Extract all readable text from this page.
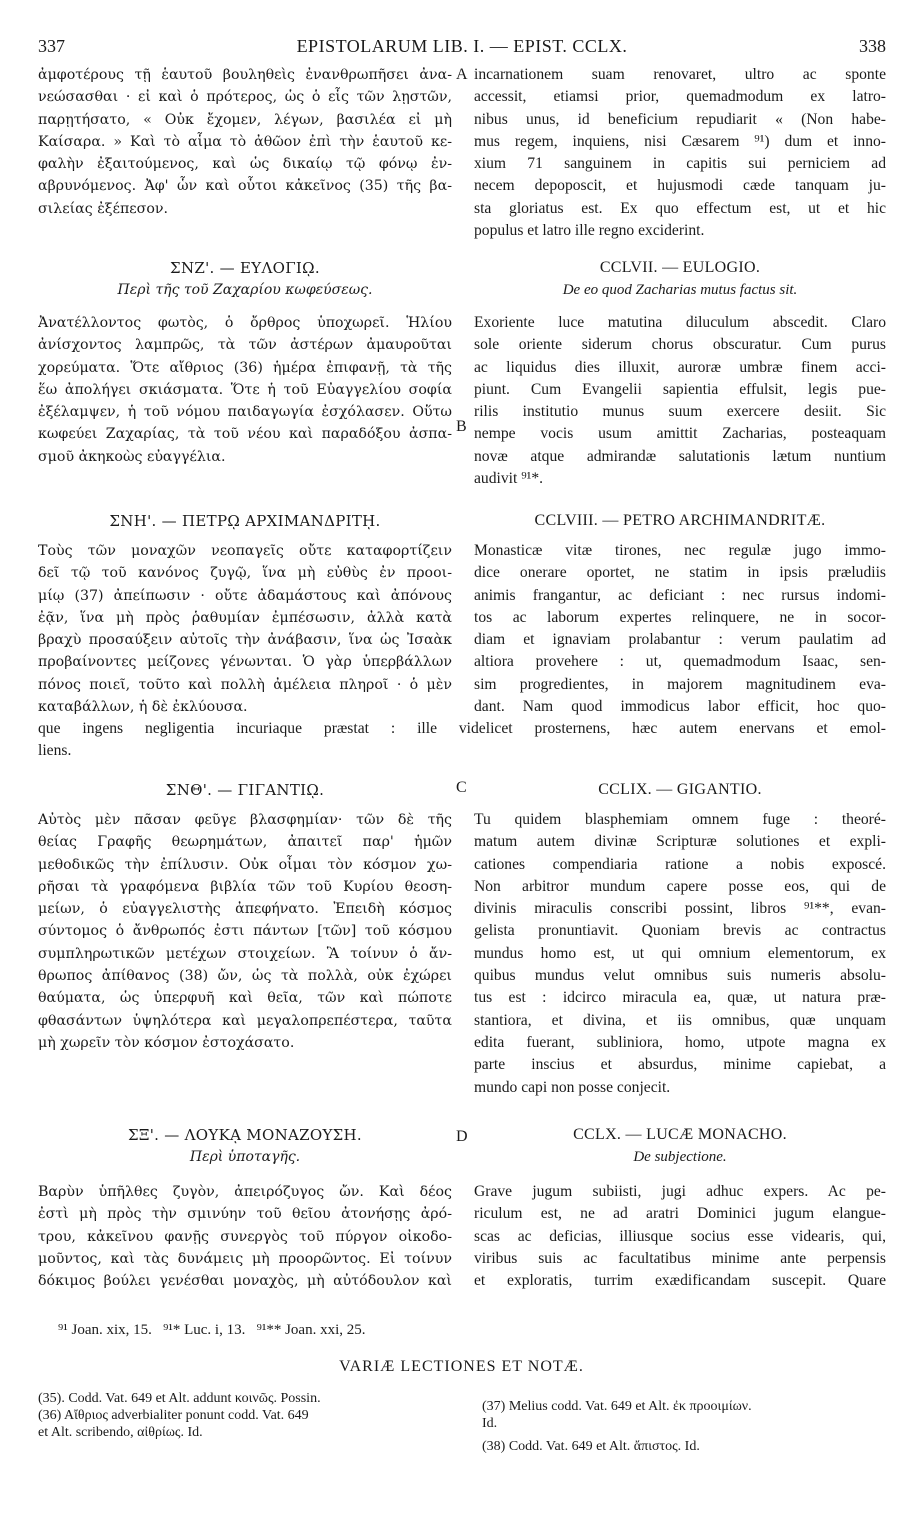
337	EPISTOLARUM LIB. I. — EPIST. CCLX.	338
A
B
C
D
ἀμφοτέρους τῇ ἑαυτοῦ βουληθεὶς ἐνανθρωπῆσει ἀνα-
νεώσασθαι · εἰ καὶ ὁ πρότερος, ὡς ὁ εἷς τῶν λῃστῶν,
παρῃτήσατο, « Οὐκ ἔχομεν, λέγων, βασιλέα εἰ μὴ
Καίσαρα. » Καὶ τὸ αἷμα τὸ ἀθῶον ἐπὶ τὴν ἑαυτοῦ κε-
φαλὴν ἐξαιτούμενος, καὶ ὡς δικαίῳ τῷ φόνῳ ἐν-
αβρυνόμενος. Ἀφ' ὧν καὶ οὗτοι κἀκεῖνος (35) τῆς βα-
σιλείας ἐξέπεσον.
incarnationem suam renovaret, ultro ac sponte
accessit, etiamsi prior, quemadmodum ex latro-
nibus unus, id beneficium repudiarit « (Non habe-
mus regem, inquiens, nisi Cæsarem ⁹¹) dum et inno-
xium 71 sanguinem in capitis sui perniciem ad
necem depoposcit, et hujusmodi cæde tanquam ju-
sta gloriatus est. Ex quo effectum est, ut et hic
populus et latro ille regno exciderint.
ΣΝΖ'. — ΕΥΛΟΓΙῼ.
Περὶ τῆς τοῦ Ζαχαρίου κωφεύσεως.
CCLVII. — EULOGIO.
De eo quod Zacharias mutus factus sit.
Ἀνατέλλοντος φωτὸς, ὁ ὄρθρος ὑποχωρεῖ. Ἡλίου
ἀνίσχοντος λαμπρῶς, τὰ τῶν ἀστέρων ἀμαυροῦται
χορεύματα. Ὅτε αἴθριος (36) ἡμέρα ἐπιφανῇ, τὰ τῆς
ἕω ἀπολήγει σκιάσματα. Ὅτε ἡ τοῦ Εὐαγγελίου σοφία
ἐξέλαμψεν, ἡ τοῦ νόμου παιδαγωγία ἐσχόλασεν. Οὕτω
κωφεύει Ζαχαρίας, τὰ τοῦ νέου καὶ παραδόξου ἀσπα-
σμοῦ ἀκηκοὼς εὐαγγέλια.
Exoriente luce matutina diluculum abscedit. Claro
sole oriente siderum chorus obscuratur. Cum purus
ac liquidus dies illuxit, auroræ umbræ finem acci-
piunt. Cum Evangelii sapientia effulsit, legis pue-
rilis institutio munus suum exercere desiit. Sic
nempe vocis usum amittit Zacharias, posteaquam
novæ atque admirandæ salutationis lætum nuntium
audivit ⁹¹*.
ΣΝΗ'. — ΠΕΤΡῼ ΑΡΧΙΜΑΝΔΡΙΤῌ.	CCLVIII. — PETRO ARCHIMANDRITÆ.
Τοὺς τῶν μοναχῶν νεοπαγεῖς οὔτε καταφορτίζειν
δεῖ τῷ τοῦ κανόνος ζυγῷ, ἵνα μὴ εὐθὺς ἐν προοι-
μίῳ (37) ἀπείπωσιν · οὔτε ἀδαμάστους καὶ ἀπόνους
ἐᾷν, ἵνα μὴ πρὸς ῥαθυμίαν ἐμπέσωσιν, ἀλλὰ κατὰ
βραχὺ προσαύξειν αὐτοῖς τὴν ἀνάβασιν, ἵνα ὡς Ἰσαὰκ
προβαίνοντες μείζονες γένωνται. Ὁ γὰρ ὑπερβάλλων
πόνος ποιεῖ, τοῦτο καὶ πολλὴ ἀμέλεια πληροῖ · ὁ μὲν
καταβάλλων, ἡ δὲ ἐκλύουσα.
Monasticæ vitæ tirones, nec regulæ jugo immo-
dice onerare oportet, ne statim in ipsis præludiis
animis frangantur, ac deficiant : nec rursus indomi-
tos ac laborum expertes relinquere, ne in socor-
diam et ignaviam prolabantur : verum paulatim ad
altiora provehere : ut, quemadmodum Isaac, sen-
sim progredientes, in majorem magnitudinem eva-
dant. Nam quod immodicus labor efficit, hoc quo-
que ingens negligentia incuriaque præstat : ille videlicet prosternens, hæc autem enervans et emol-
liens.
ΣΝΘ'. — ΓΙΓΑΝΤΙῼ.	CCLIX. — GIGANTIO.
Αὐτὸς μὲν πᾶσαν φεῦγε βλασφημίαν· τῶν δὲ τῆς
θείας Γραφῆς θεωρημάτων, ἀπαιτεῖ παρ' ἡμῶν
μεθοδικῶς τὴν ἐπίλυσιν. Οὐκ οἶμαι τὸν κόσμον χω-
ρῆσαι τὰ γραφόμενα βιβλία τῶν τοῦ Κυρίου θεοση-
μείων, ὁ εὐαγγελιστὴς ἀπεφήνατο. Ἐπειδὴ κόσμος
σύντομος ὁ ἄνθρωπός ἐστι πάντων [τῶν] τοῦ κόσμου
συμπληρωτικῶν μετέχων στοιχείων. Ἃ τοίνυν ὁ ἄν-
θρωπος ἀπίθανος (38) ὤν, ὡς τὰ πολλὰ, οὐκ ἐχώρει
θαύματα, ὡς ὑπερφυῆ καὶ θεῖα, τῶν καὶ πώποτε
φθασάντων ὑψηλότερα καὶ μεγαλοπρεπέστερα, ταῦτα
μὴ χωρεῖν τὸν κόσμον ἐστοχάσατο.
Tu quidem blasphemiam omnem fuge : theoré-
matum autem divinæ Scripturæ solutiones et expli-
cationes compendiaria ratione a nobis exposcé.
Non arbitror mundum capere posse eos, qui de
divinis miraculis conscribi possint, libros ⁹¹**, evan-
gelista pronuntiavit. Quoniam brevis ac contractus
mundus homo est, ut qui omnium elementorum, ex
quibus mundus velut omnibus suis numeris absolu-
tus est : idcirco miracula ea, quæ, ut natura præ-
stantiora, et divina, et iis omnibus, quæ unquam
edita fuerant, subliniora, homo, utpote magna ex
parte inscius et absurdus, minime capiebat, a
mundo capi non posse conjecit.
ΣΞ'. — ΛΟΥΚᾼ ΜΟΝΑΖΟΥΣΗ.
Περὶ ὑποταγῆς.
CCLX. — LUCÆ MONACHO.
De subjectione.
Βαρὺν ὑπῆλθες ζυγὸν, ἀπειρόζυγος ὤν. Καὶ δέος
ἐστὶ μὴ πρὸς τὴν σμινύην τοῦ θεῖου ἀτονήσῃς ἀρό-
τρου, κἀκεῖνου φανῇς συνεργὸς τοῦ πύργον οἰκοδο-
μοῦντος, καὶ τὰς δυνάμεις μὴ προορῶντος. Εἰ τοίνυν
δόκιμος βούλει γενέσθαι μοναχὸς, μὴ αὐτόδουλον καὶ
Grave jugum subiisti, jugi adhuc expers. Ac pe-
riculum est, ne ad aratri Dominici jugum elangue-
scas ac deficias, illiusque socius esse videaris, qui,
viribus suis ac facultatibus minime ante perpensis
et exploratis, turrim exædificandam suscepit. Quare
⁹¹ Joan. xix, 15.   ⁹¹* Luc. i, 13.   ⁹¹** Joan. xxi, 25.
VARIÆ LECTIONES ET NOTÆ.
(35). Codd. Vat. 649 et Alt. addunt κοινῶς. Possin.
(36) Αἴθριος adverbialiter ponunt codd. Vat. 649
et Alt. scribendo, αἰθρίως. Id.
(37) Melius codd. Vat. 649 et Alt. ἐκ προοιμίων.
Id.
(38) Codd. Vat. 649 et Alt. ἄπιστος. Id.
